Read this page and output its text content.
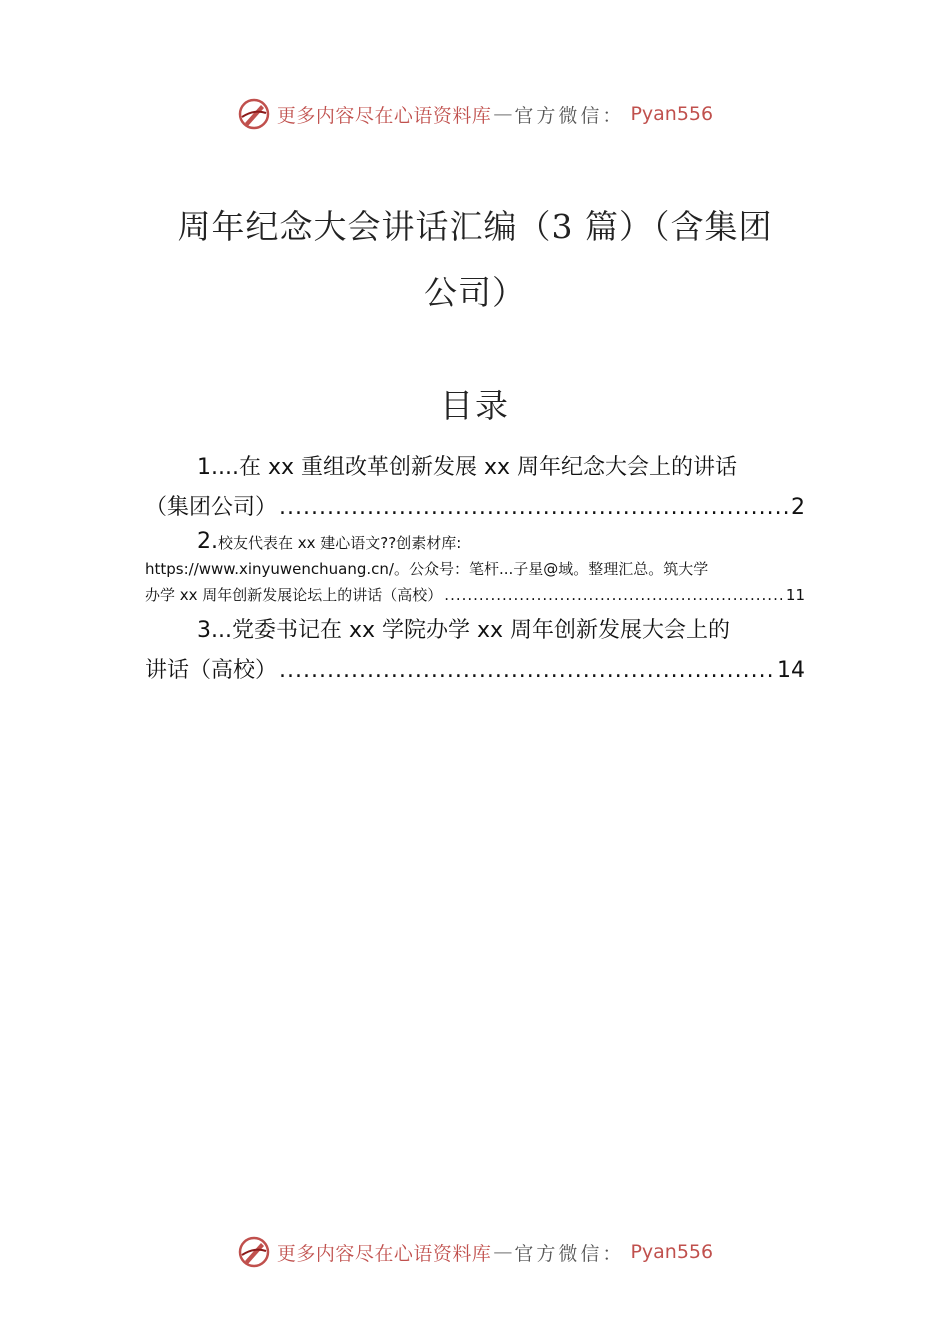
更多内容尽在心语资料库 — 官方微信： Pyan556
周年纪念大会讲话汇编（3 篇）（含集团
公司）
目录
1....在 xx 重组改革创新发展 xx 周年纪念大会上的讲话
（集团公司） .....	2
2. 校友代表在 xx 建心语文??创素材库:
https://www.xinyuwenchuang.cn/。公众号：笔杆...子星@域。整理汇总。筑大学
办学 xx 周年创新发展论坛上的讲话（高校） .....	11
3...党委书记在 xx 学院办学 xx 周年创新发展大会上的
讲话（高校） .....	14
更多内容尽在心语资料库 — 官方微信： Pyan556
